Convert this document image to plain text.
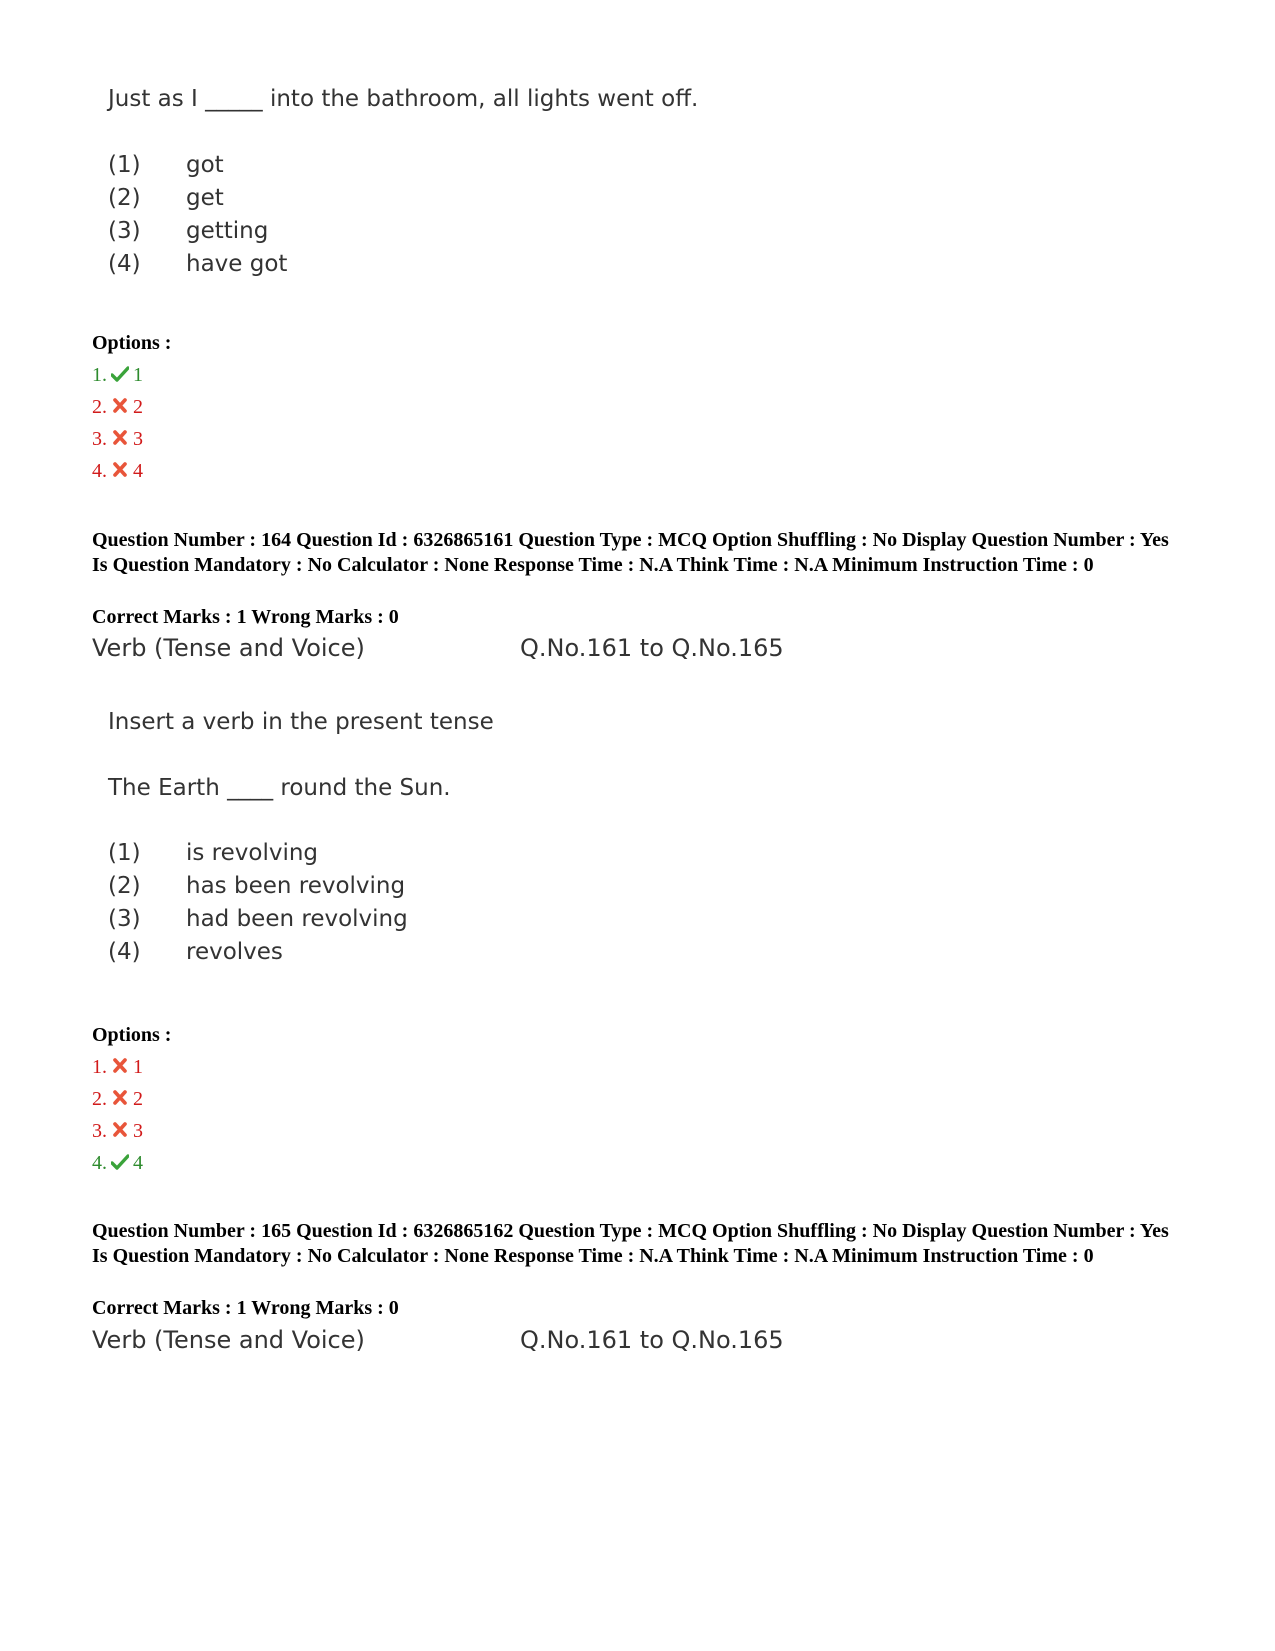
Just as I _____ into the bathroom, all lights went off.
(1) got
(2) get
(3) getting
(4) have got
Options :
1. 1
2. 2
3. 3
4. 4
Question Number : 164 Question Id : 6326865161 Question Type : MCQ Option Shuffling : No Display Question Number : Yes Is Question Mandatory : No Calculator : None Response Time : N.A Think Time : N.A Minimum Instruction Time : 0
Correct Marks : 1 Wrong Marks : 0
Verb (Tense and Voice)	Q.No.161 to Q.No.165
Insert a verb in the present tense
The Earth ____ round the Sun.
(1) is revolving
(2) has been revolving
(3) had been revolving
(4) revolves
Options :
1. 1
2. 2
3. 3
4. 4
Question Number : 165 Question Id : 6326865162 Question Type : MCQ Option Shuffling : No Display Question Number : Yes Is Question Mandatory : No Calculator : None Response Time : N.A Think Time : N.A Minimum Instruction Time : 0
Correct Marks : 1 Wrong Marks : 0
Verb (Tense and Voice)	Q.No.161 to Q.No.165
